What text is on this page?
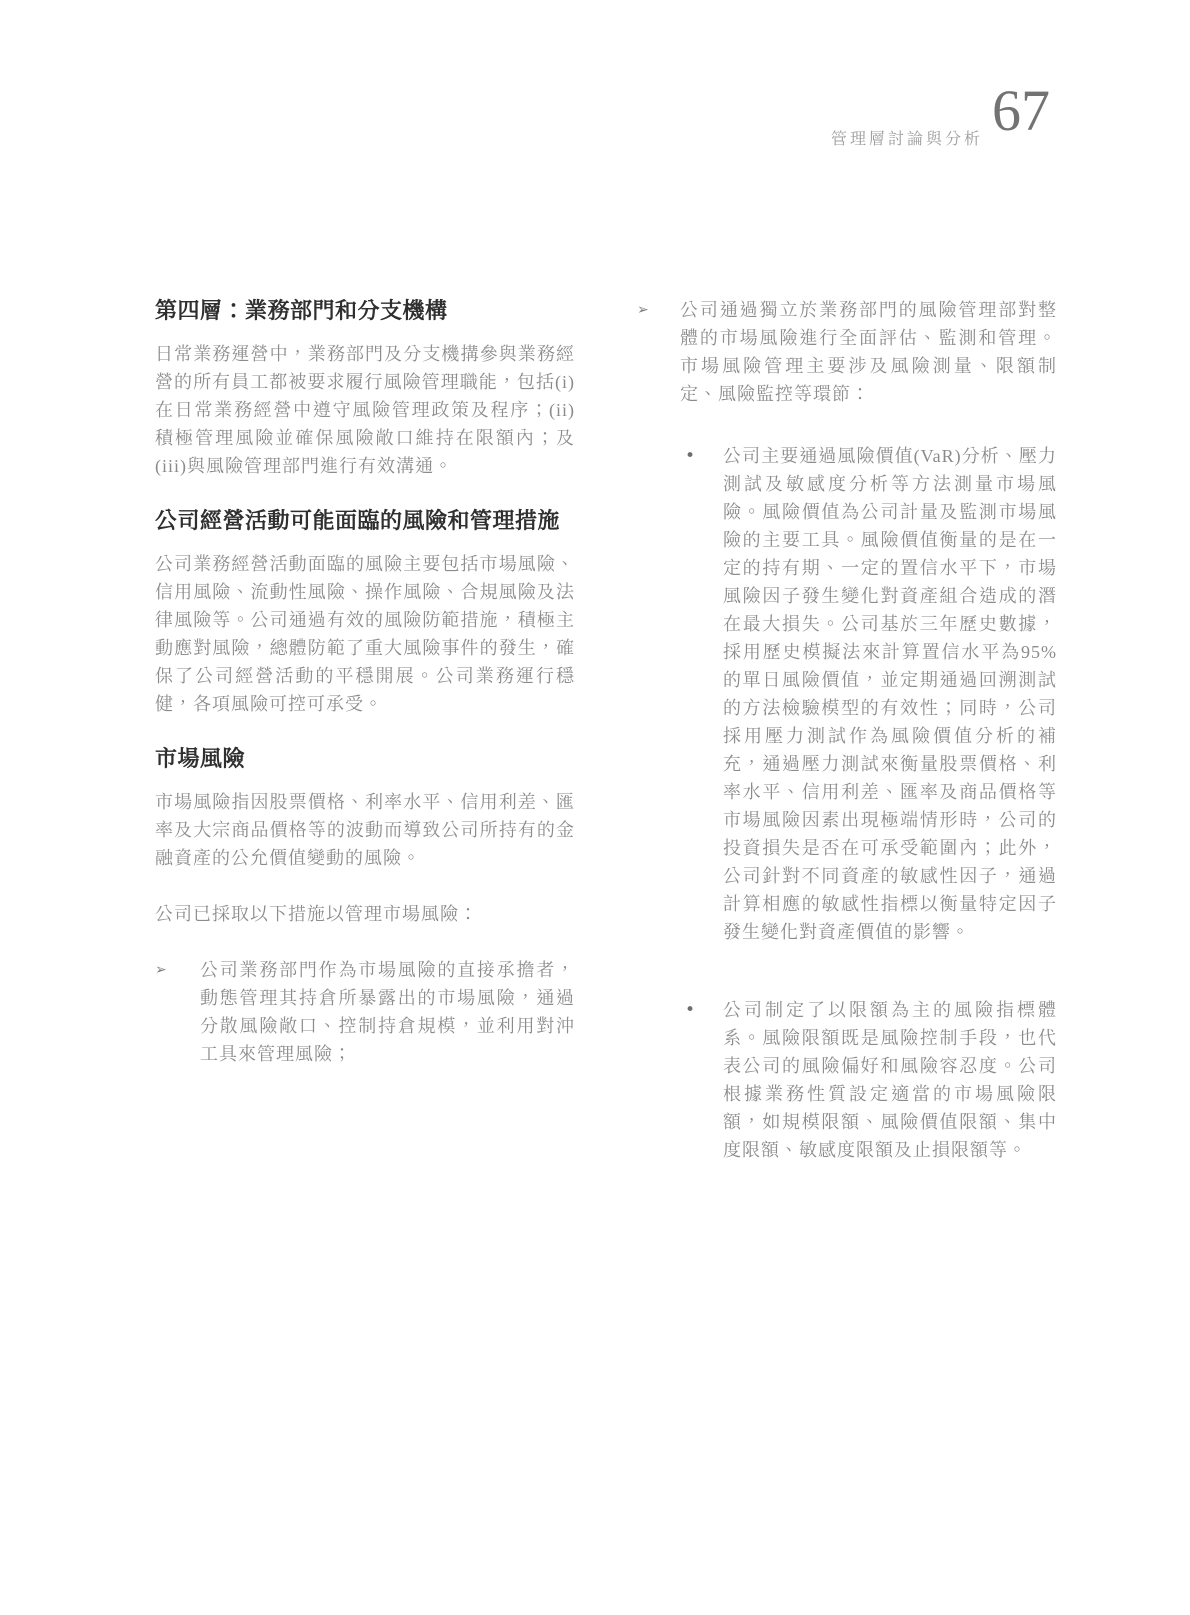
管理層討論與分析 67
第四層：業務部門和分支機構

日常業務運營中，業務部門及分支機搆參與業務經營的所有員工都被要求履行風險管理職能，包括(i)在日常業務經營中遵守風險管理政策及程序；(ii)積極管理風險並確保風險敞口維持在限額內；及(iii)與風險管理部門進行有效溝通。

公司經營活動可能面臨的風險和管理措施

公司業務經營活動面臨的風險主要包括市場風險、信用風險、流動性風險、操作風險、合規風險及法律風險等。公司通過有效的風險防範措施，積極主動應對風險，總體防範了重大風險事件的發生，確保了公司經營活動的平穩開展。公司業務運行穩健，各項風險可控可承受。

市場風險

市場風險指因股票價格、利率水平、信用利差、匯率及大宗商品價格等的波動而導致公司所持有的金融資產的公允價值變動的風險。

公司已採取以下措施以管理市場風險：

➢	公司業務部門作為市場風險的直接承擔者，動態管理其持倉所暴露出的市場風險，通過分散風險敞口、控制持倉規模，並利用對沖工具來管理風險；

➢	公司通過獨立於業務部門的風險管理部對整體的市場風險進行全面評估、監測和管理。市場風險管理主要涉及風險測量、限額制定、風險監控等環節：

•	公司主要通過風險價值(VaR)分析、壓力測試及敏感度分析等方法測量市場風險。風險價值為公司計量及監測市場風險的主要工具。風險價值衡量的是在一定的持有期、一定的置信水平下，市場風險因子發生變化對資產組合造成的潛在最大損失。公司基於三年歷史數據，採用歷史模擬法來計算置信水平為95%的單日風險價值，並定期通過回溯測試的方法檢驗模型的有效性；同時，公司採用壓力測試作為風險價值分析的補充，通過壓力測試來衡量股票價格、利率水平、信用利差、匯率及商品價格等市場風險因素出現極端情形時，公司的投資損失是否在可承受範圍內；此外，公司針對不同資產的敏感性因子，通過計算相應的敏感性指標以衡量特定因子發生變化對資產價值的影響。

•	公司制定了以限額為主的風險指標體系。風險限額既是風險控制手段，也代表公司的風險偏好和風險容忍度。公司根據業務性質設定適當的市場風險限額，如規模限額、風險價值限額、集中度限額、敏感度限額及止損限額等。
